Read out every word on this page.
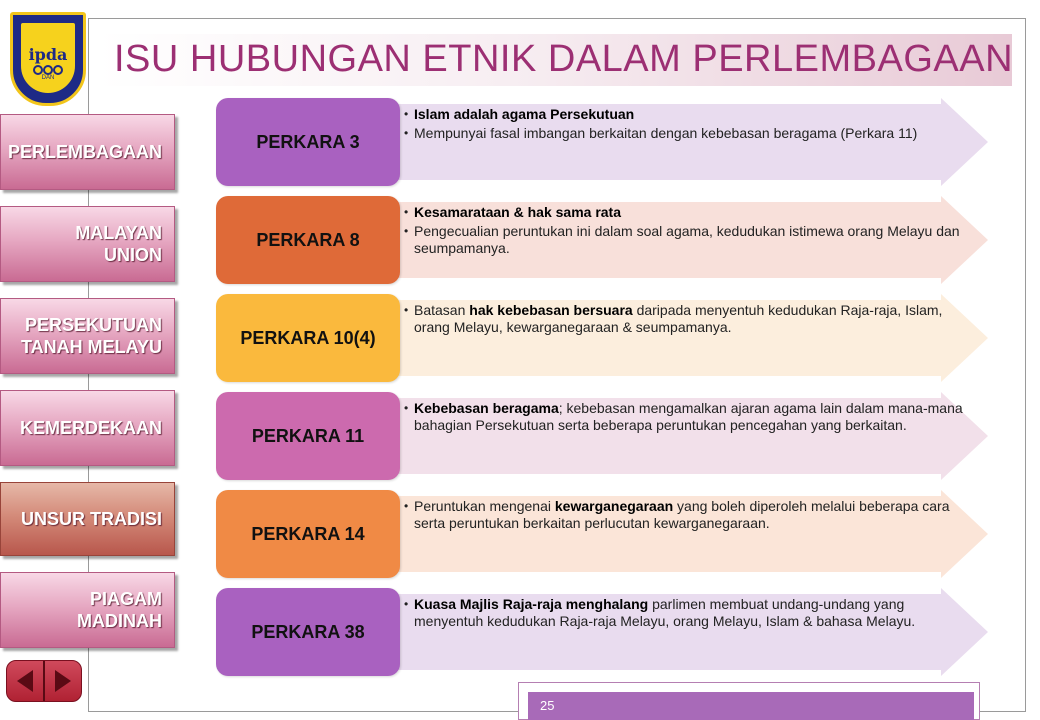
ipda
DAN	ISU HUBUNGAN ETNIK DALAM PERLEMBAGAAN
PERLEMBAGAAN
MALAYAN
UNION
PERSEKUTUAN
TANAH MELAYU
KEMERDEKAAN
UNSUR TRADISI
PIAGAM
MADINAH
PERKARA 3
• Islam adalah agama Persekutuan
• Mempunyai fasal imbangan berkaitan dengan kebebasan beragama (Perkara 11)
PERKARA 8
• Kesamarataan & hak sama rata
• Pengecualian peruntukan ini dalam soal agama, kedudukan istimewa orang Melayu dan seumpamanya.
PERKARA 10(4)
• Batasan hak kebebasan bersuara daripada menyentuh kedudukan Raja-raja, Islam, orang Melayu, kewarganegaraan & seumpamanya.
PERKARA 11
• Kebebasan beragama; kebebasan mengamalkan ajaran agama lain dalam mana-mana bahagian Persekutuan serta beberapa peruntukan pencegahan yang berkaitan.
PERKARA 14
• Peruntukan mengenai kewarganegaraan yang boleh diperoleh melalui beberapa cara serta peruntukan berkaitan perlucutan kewarganegaraan.
PERKARA 38
• Kuasa Majlis Raja-raja menghalang parlimen membuat undang-undang yang menyentuh kedudukan Raja-raja Melayu, orang Melayu, Islam & bahasa Melayu.
25
